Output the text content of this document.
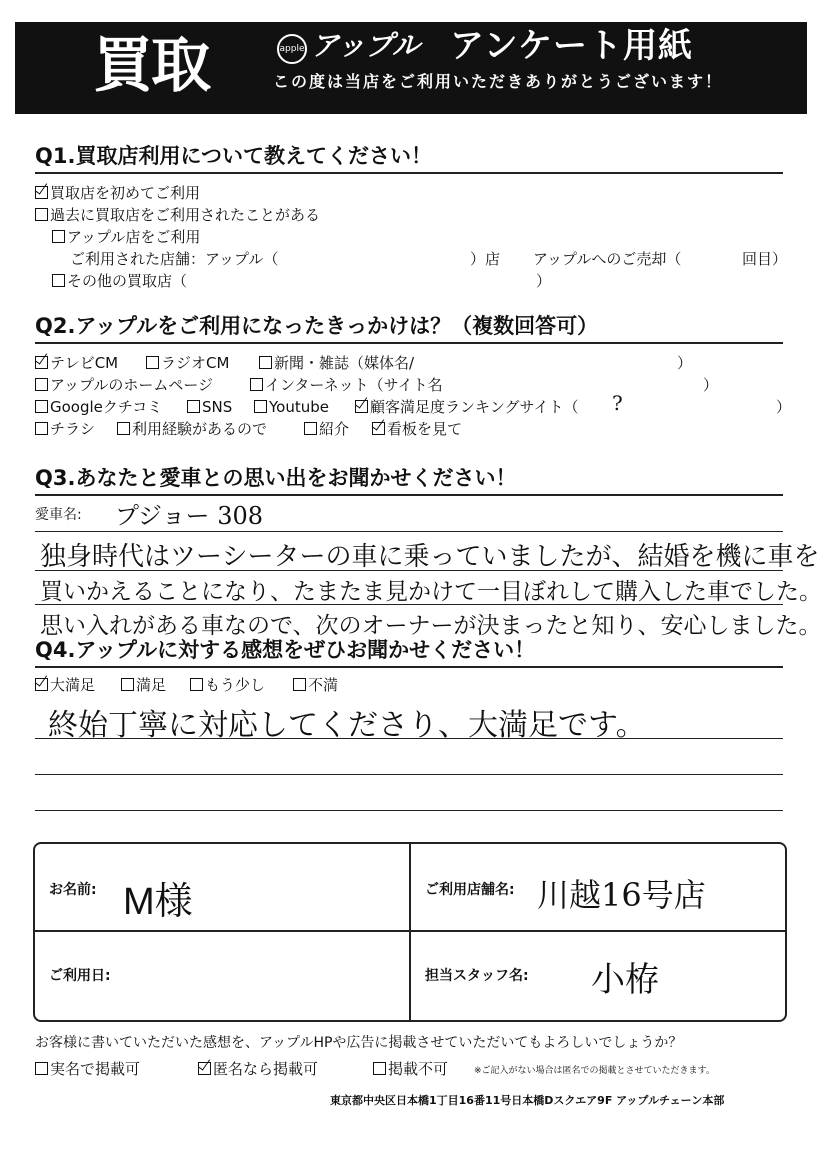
買取	apple アップル アンケート用紙
この度は当店をご利用いただきありがとうございます！
Q1.買取店利用について教えてください！
買取店を初めてご利用
過去に買取店をご利用されたことがある
アップル店をご利用
ご利用された店舗：アップル（	）店 アップルへのご売却（	回目）
その他の買取店（	）
Q2.アップルをご利用になったきっかけは？（複数回答可）
テレビCM	ラジオCM	新聞・雑誌（媒体名/	）
アップルのホームページ	インターネット（サイト名	）
Googleクチコミ	SNS	Youtube	顧客満足度ランキングサイト（ ?	）
チラシ	利用経験があるので	紹介	看板を見て
Q3.あなたと愛車との思い出をお聞かせください！
愛車名: プジョー 308
独身時代はツーシーターの車に乗っていましたが、結婚を機に車を
買いかえることになり、たまたま見かけて一目ぼれして購入した車でした。
思い入れがある車なので、次のオーナーが決まったと知り、安心しました。
Q4.アップルに対する感想をぜひお聞かせください！
大満足	満足	もう少し	不満
終始丁寧に対応してくださり、大満足です。
お名前: M様	ご利用店舗名: 川越16号店
ご利用日:	担当スタッフ名: 小栫
お客様に書いていただいた感想を、アップルHPや広告に掲載させていただいてもよろしいでしょうか？
実名で掲載可	匿名なら掲載可	掲載不可	※ご記入がない場合は匿名での掲載とさせていただきます。
東京都中央区日本橋1丁目16番11号日本橋Dスクエア9F アップルチェーン本部
